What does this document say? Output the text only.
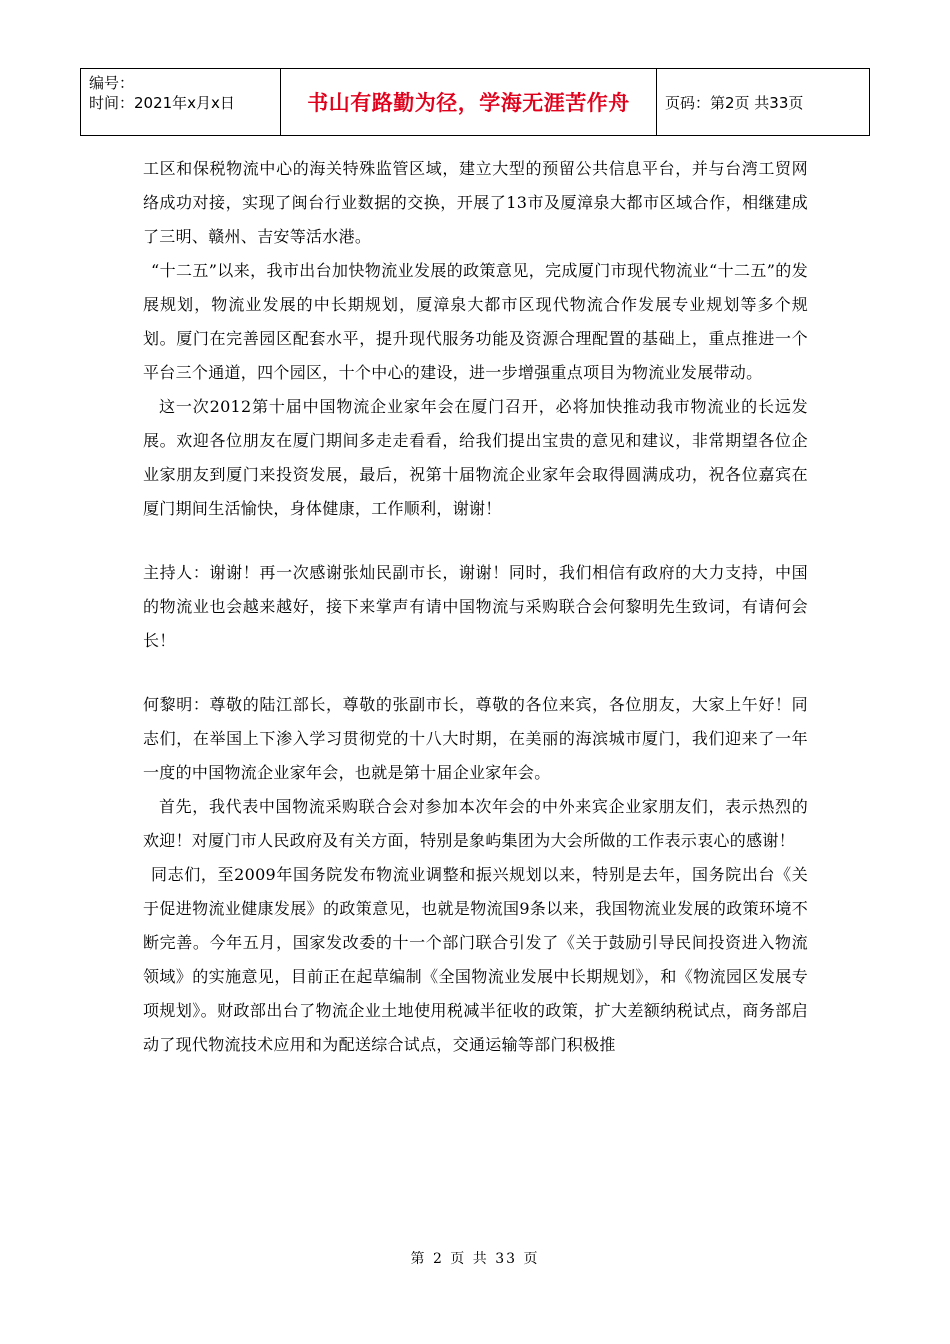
编号：
时间：2021年x月x日	书山有路勤为径，学海无涯苦作舟	页码：第2页 共33页

工区和保税物流中心的海关特殊监管区域，建立大型的预留公共信息平台，并与台湾工贸网络成功对接，实现了闽台行业数据的交换，开展了13市及厦漳泉大都市区域合作，相继建成了三明、赣州、吉安等活水港。

“十二五”以来，我市出台加快物流业发展的政策意见，完成厦门市现代物流业“十二五”的发展规划，物流业发展的中长期规划，厦漳泉大都市区现代物流合作发展专业规划等多个规划。厦门在完善园区配套水平，提升现代服务功能及资源合理配置的基础上，重点推进一个平台三个通道，四个园区，十个中心的建设，进一步增强重点项目为物流业发展带动。

这一次2012第十届中国物流企业家年会在厦门召开，必将加快推动我市物流业的长远发展。欢迎各位朋友在厦门期间多走走看看，给我们提出宝贵的意见和建议，非常期望各位企业家朋友到厦门来投资发展，最后，祝第十届物流企业家年会取得圆满成功，祝各位嘉宾在厦门期间生活愉快，身体健康，工作顺利，谢谢！

主持人：谢谢！再一次感谢张灿民副市长，谢谢！同时，我们相信有政府的大力支持，中国的物流业也会越来越好，接下来掌声有请中国物流与采购联合会何黎明先生致词，有请何会长！

何黎明：尊敬的陆江部长，尊敬的张副市长，尊敬的各位来宾，各位朋友，大家上午好！同志们，在举国上下渗入学习贯彻党的十八大时期，在美丽的海滨城市厦门，我们迎来了一年一度的中国物流企业家年会，也就是第十届企业家年会。

首先，我代表中国物流采购联合会对参加本次年会的中外来宾企业家朋友们，表示热烈的欢迎！对厦门市人民政府及有关方面，特别是象屿集团为大会所做的工作表示衷心的感谢！

同志们，至2009年国务院发布物流业调整和振兴规划以来，特别是去年，国务院出台《关于促进物流业健康发展》的政策意见，也就是物流国9条以来，我国物流业发展的政策环境不断完善。今年五月，国家发改委的十一个部门联合引发了《关于鼓励引导民间投资进入物流领域》的实施意见，目前正在起草编制《全国物流业发展中长期规划》，和《物流园区发展专项规划》。财政部出台了物流企业土地使用税减半征收的政策，扩大差额纳税试点，商务部启动了现代物流技术应用和为配送综合试点，交通运输等部门积极推

第 2 页 共 33 页
